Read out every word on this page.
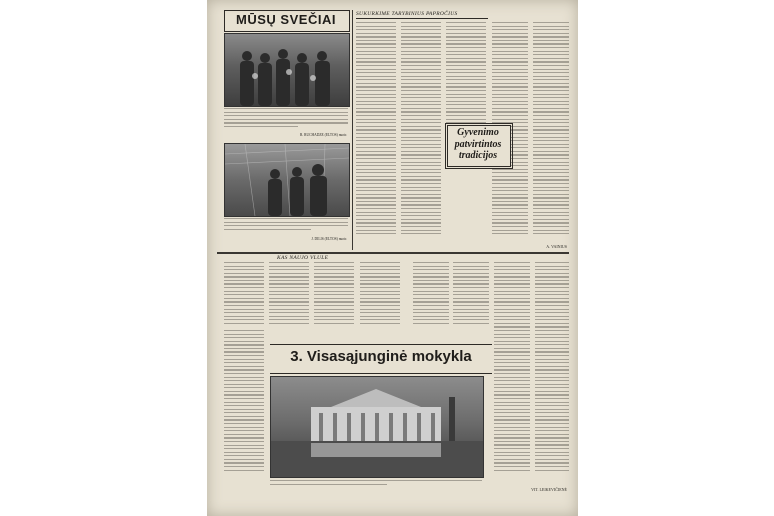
MŪSŲ SVEČIAI
R. RUCHADZE (ELTOS) nuotr.
J. DILIS (ELTOS) nuotr.
SUKURKIME TARYBINIUS PAPROČIUS
Gyvenimo patvirtintos tradicijos
A. VAINIUS
KAS NAUJO VLULE
3. Visasąjunginė mokykla
VIT. LEIKEVIČIENĖ
